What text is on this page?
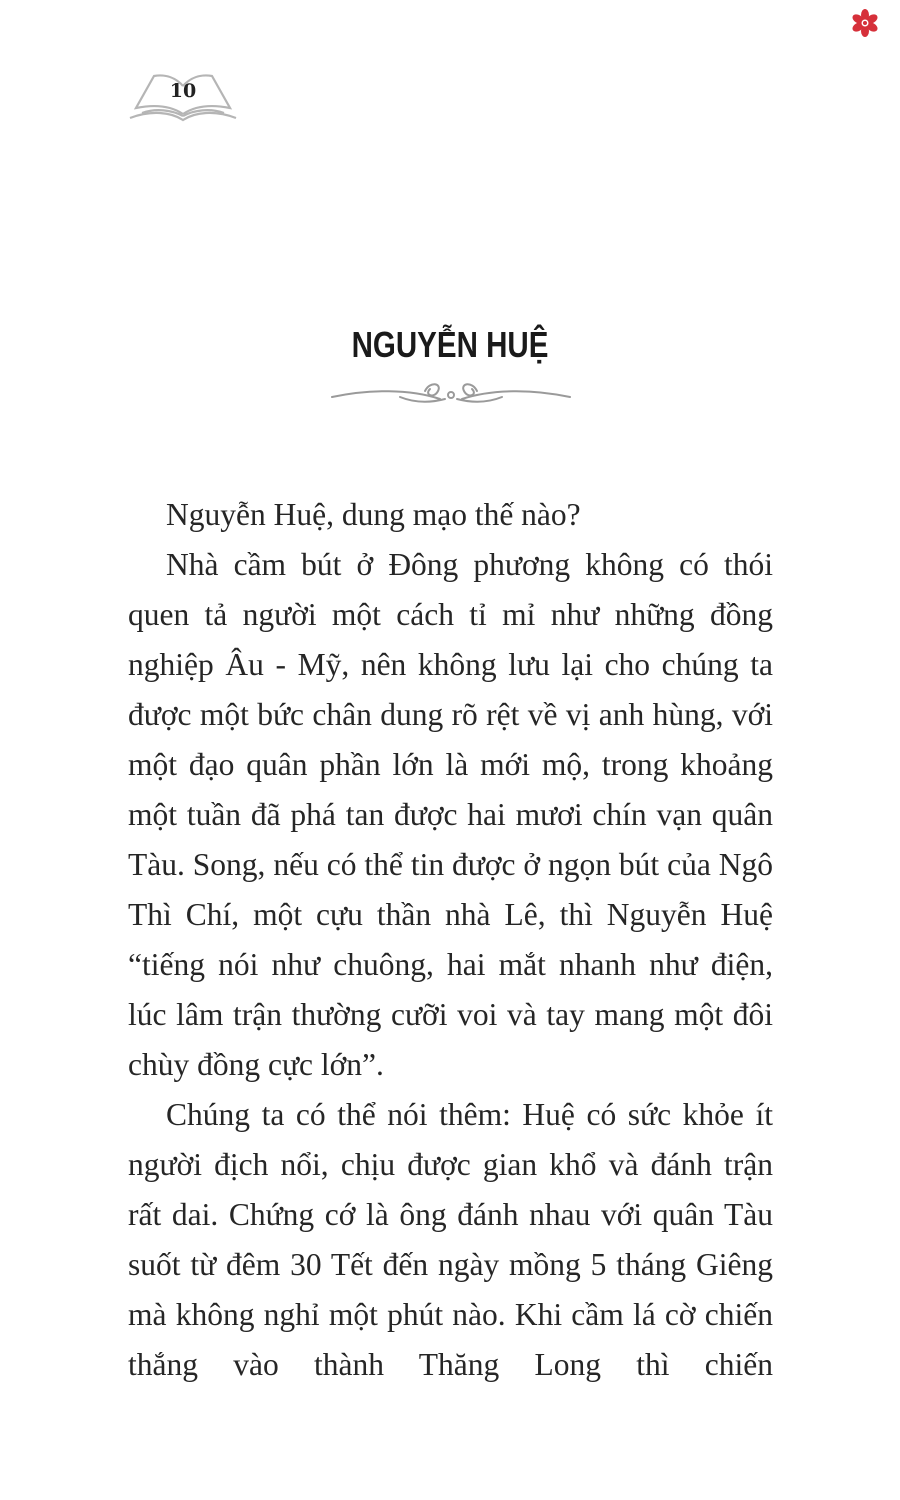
10
NGUYỄN HUỆ

Nguyễn Huệ, dung mạo thế nào?

Nhà cầm bút ở Đông phương không có thói quen tả người một cách tỉ mỉ như những đồng nghiệp Âu - Mỹ, nên không lưu lại cho chúng ta được một bức chân dung rõ rệt về vị anh hùng, với một đạo quân phần lớn là mới mộ, trong khoảng một tuần đã phá tan được hai mươi chín vạn quân Tàu. Song, nếu có thể tin được ở ngọn bút của Ngô Thì Chí, một cựu thần nhà Lê, thì Nguyễn Huệ “tiếng nói như chuông, hai mắt nhanh như điện, lúc lâm trận thường cưỡi voi và tay mang một đôi chùy đồng cực lớn”.

Chúng ta có thể nói thêm: Huệ có sức khỏe ít người địch nổi, chịu được gian khổ và đánh trận rất dai. Chứng cớ là ông đánh nhau với quân Tàu suốt từ đêm 30 Tết đến ngày mồng 5 tháng Giêng mà không nghỉ một phút nào. Khi cầm lá cờ chiến thắng vào thành Thăng Long thì chiến
